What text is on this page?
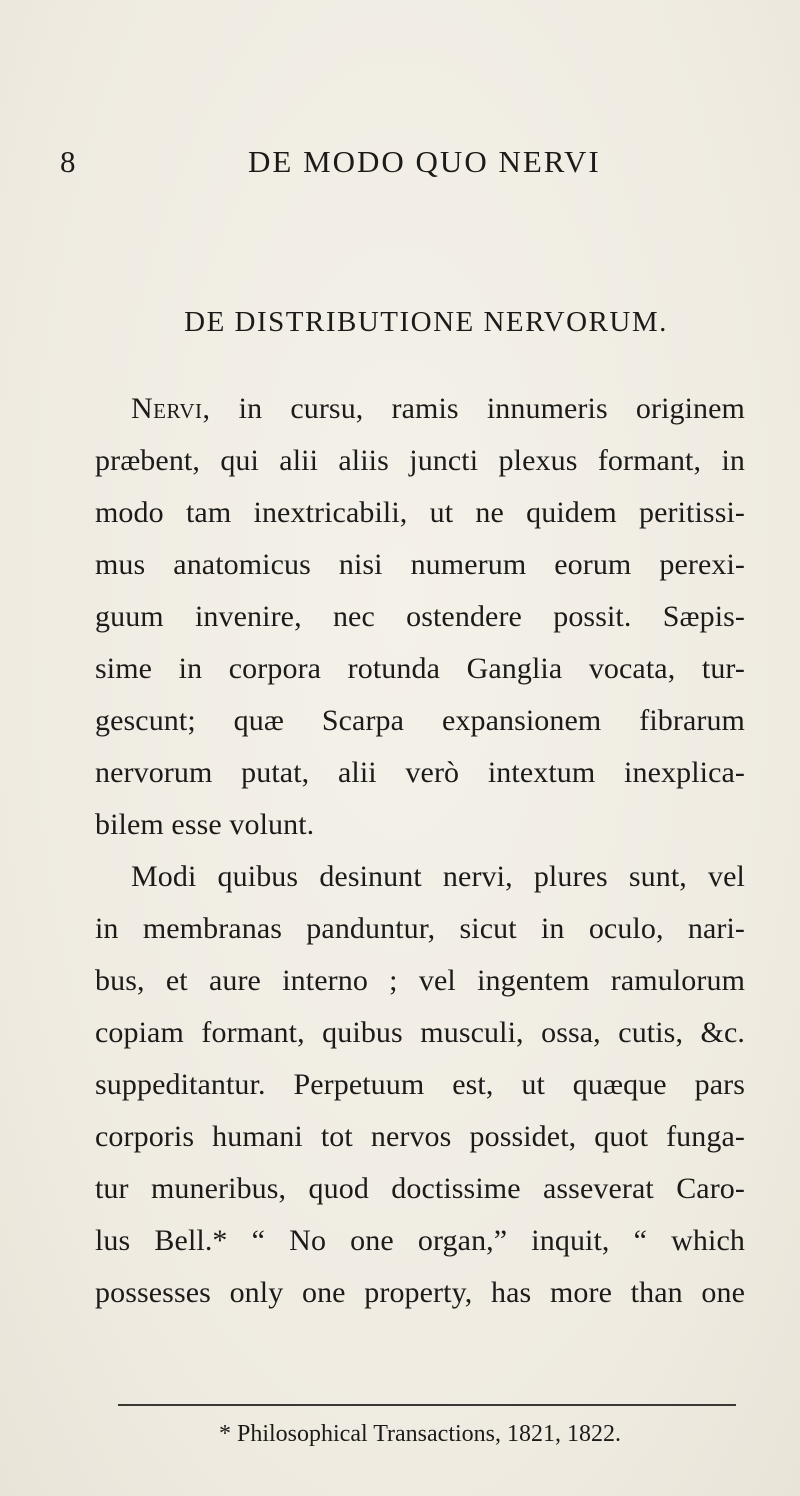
8	DE MODO QUO NERVI
DE DISTRIBUTIONE NERVORUM.
Nervi, in cursu, ramis innumeris originem
præbent, qui alii aliis juncti plexus formant, in
modo tam inextricabili, ut ne quidem peritissi-
mus anatomicus nisi numerum eorum perexi-
guum invenire, nec ostendere possit. Sæpis-
sime in corpora rotunda Ganglia vocata, tur-
gescunt; quæ Scarpa expansionem fibrarum
nervorum putat, alii verò intextum inexplica-
bilem esse volunt.
Modi quibus desinunt nervi, plures sunt, vel
in membranas panduntur, sicut in oculo, nari-
bus, et aure interno ; vel ingentem ramulorum
copiam formant, quibus musculi, ossa, cutis, &c.
suppeditantur. Perpetuum est, ut quæque pars
corporis humani tot nervos possidet, quot funga-
tur muneribus, quod doctissime asseverat Caro-
lus Bell.* “ No one organ,” inquit, “ which
possesses only one property, has more than one
* Philosophical Transactions, 1821, 1822.
